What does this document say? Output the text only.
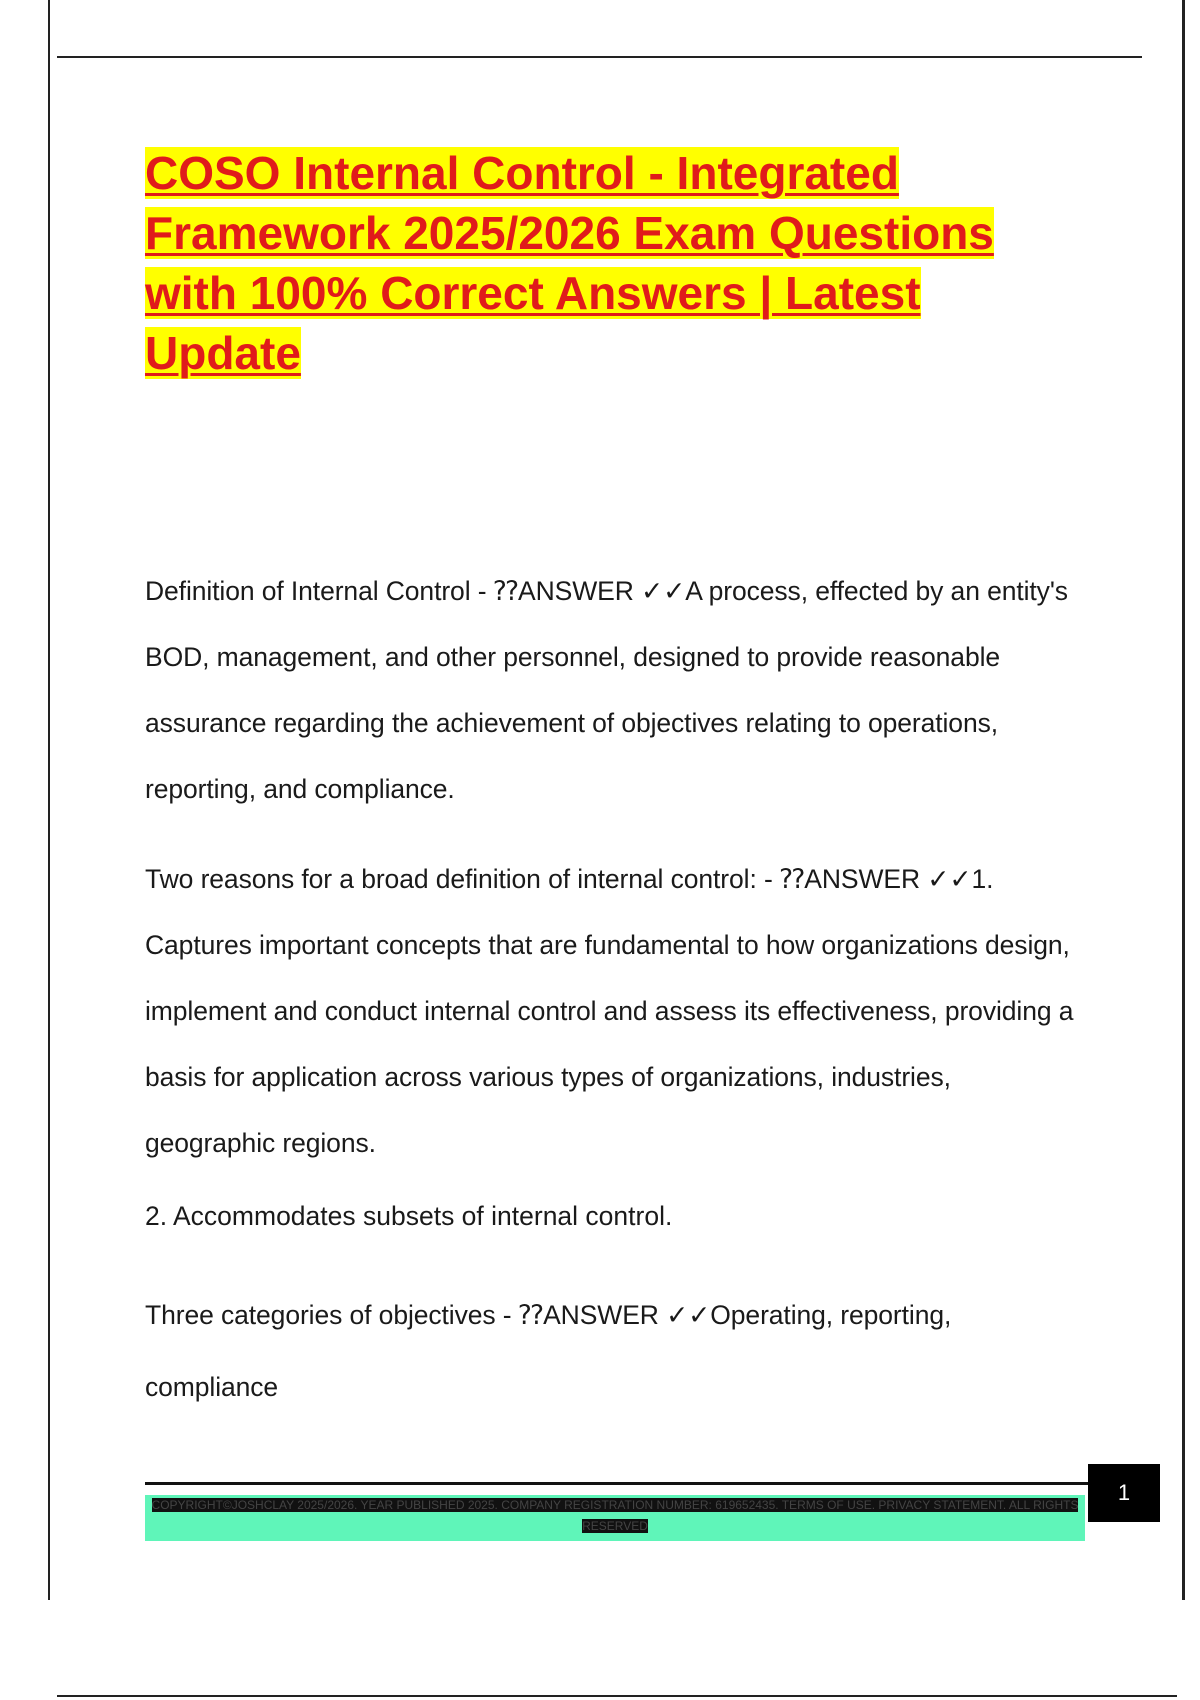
COSO Internal Control - Integrated Framework 2025/2026 Exam Questions with 100% Correct Answers | Latest Update

Definition of Internal Control - ⁇ANSWER ✓✓A process, effected by an entity's BOD, management, and other personnel, designed to provide reasonable assurance regarding the achievement of objectives relating to operations, reporting, and compliance.

Two reasons for a broad definition of internal control: - ⁇ANSWER ✓✓1. Captures important concepts that are fundamental to how organizations design, implement and conduct internal control and assess its effectiveness, providing a basis for application across various types of organizations, industries, geographic regions.

2. Accommodates subsets of internal control.

Three categories of objectives - ⁇ANSWER ✓✓Operating, reporting, compliance

COPYRIGHT©JOSHCLAY 2025/2026. YEAR PUBLISHED 2025. COMPANY REGISTRATION NUMBER: 619652435. TERMS OF USE. PRIVACY STATEMENT. ALL RIGHTS RESERVED
1
